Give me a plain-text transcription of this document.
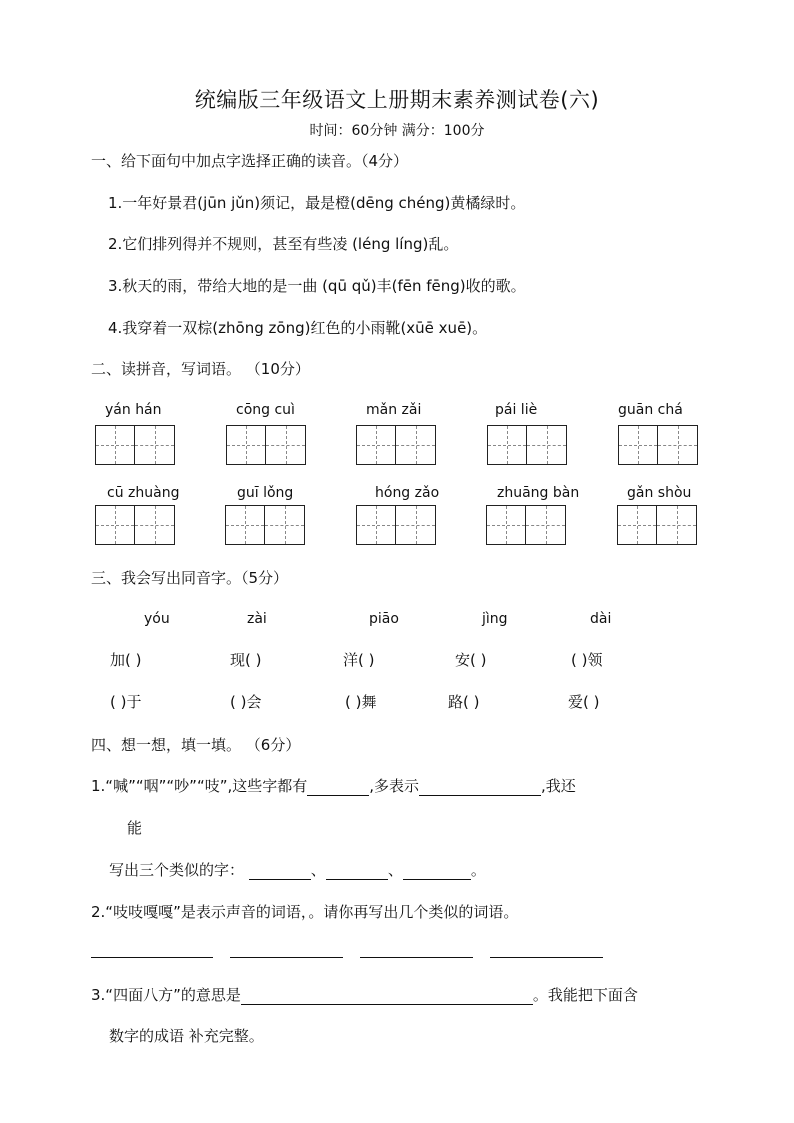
统编版三年级语文上册期末素养测试卷(六)
时间：60分钟 满分：100分
一、给下面句中加点字选择正确的读音。（4分）
1.一年好景君(jūn jǔn)须记，最是橙(dēng chéng)黄橘绿时。
2.它们排列得并不规则，甚至有些凌 (léng líng)乱。
3.秋天的雨，带给大地的是一曲 (qū qǔ)丰(fēn fēng)收的歌。
4.我穿着一双棕(zhōng zōng)红色的小雨靴(xūē xuē)。
二、读拼音，写词语。 （10分）
yán hán	cōng cuì	mǎn zǎi	pái liè	guān chá
cū zhuàng	guī lǒng	hóng zǎo	zhuāng bàn	gǎn shòu
三、我会写出同音字。（5分）
yóu	zài	piāo	jìng	dài
加( )	现( )	洋( )	安( )	( )领
( )于	( )会	( )舞	路( )	爱( )
四、想一想，填一填。 （6分）
1.“喊”“咽”“吵”“吱”,这些字都有	,多表示	,我还
能
写出三个类似的字：	、	、	。
2.“吱吱嘎嘎”是表示声音的词语，。请你再写出几个类似的词语。
3.“四面八方”的意思是	。我能把下面含
数字的成语 补充完整。
